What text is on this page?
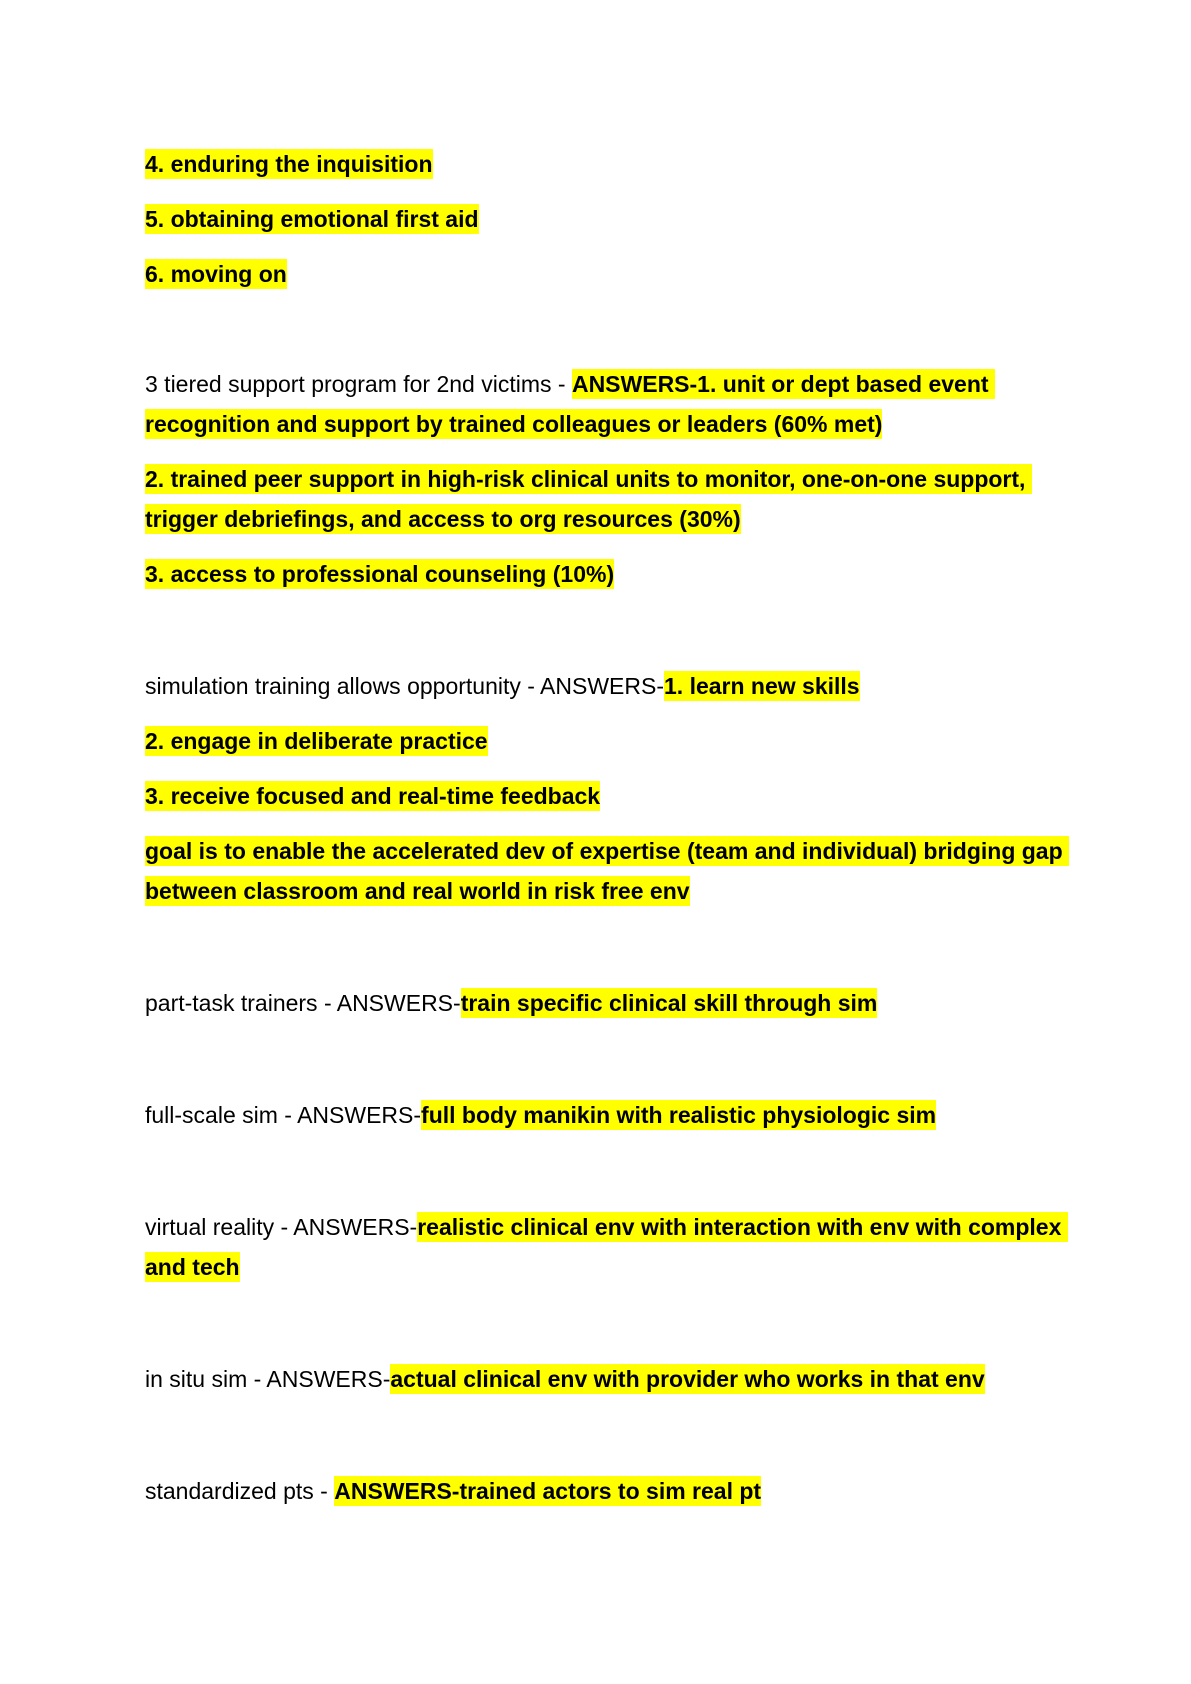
4. enduring the inquisition
5. obtaining emotional first aid
6. moving on
3 tiered support program for 2nd victims - ANSWERS-1. unit or dept based event recognition and support by trained colleagues or leaders (60% met)
2. trained peer support in high-risk clinical units to monitor, one-on-one support, trigger debriefings, and access to org resources (30%)
3. access to professional counseling (10%)
simulation training allows opportunity - ANSWERS-1. learn new skills
2. engage in deliberate practice
3. receive focused and real-time feedback
goal is to enable the accelerated dev of expertise (team and individual) bridging gap between classroom and real world in risk free env
part-task trainers - ANSWERS-train specific clinical skill through sim
full-scale sim - ANSWERS-full body manikin with realistic physiologic sim
virtual reality - ANSWERS-realistic clinical env with interaction with env with complex and tech
in situ sim - ANSWERS-actual clinical env with provider who works in that env
standardized pts - ANSWERS-trained actors to sim real pt
